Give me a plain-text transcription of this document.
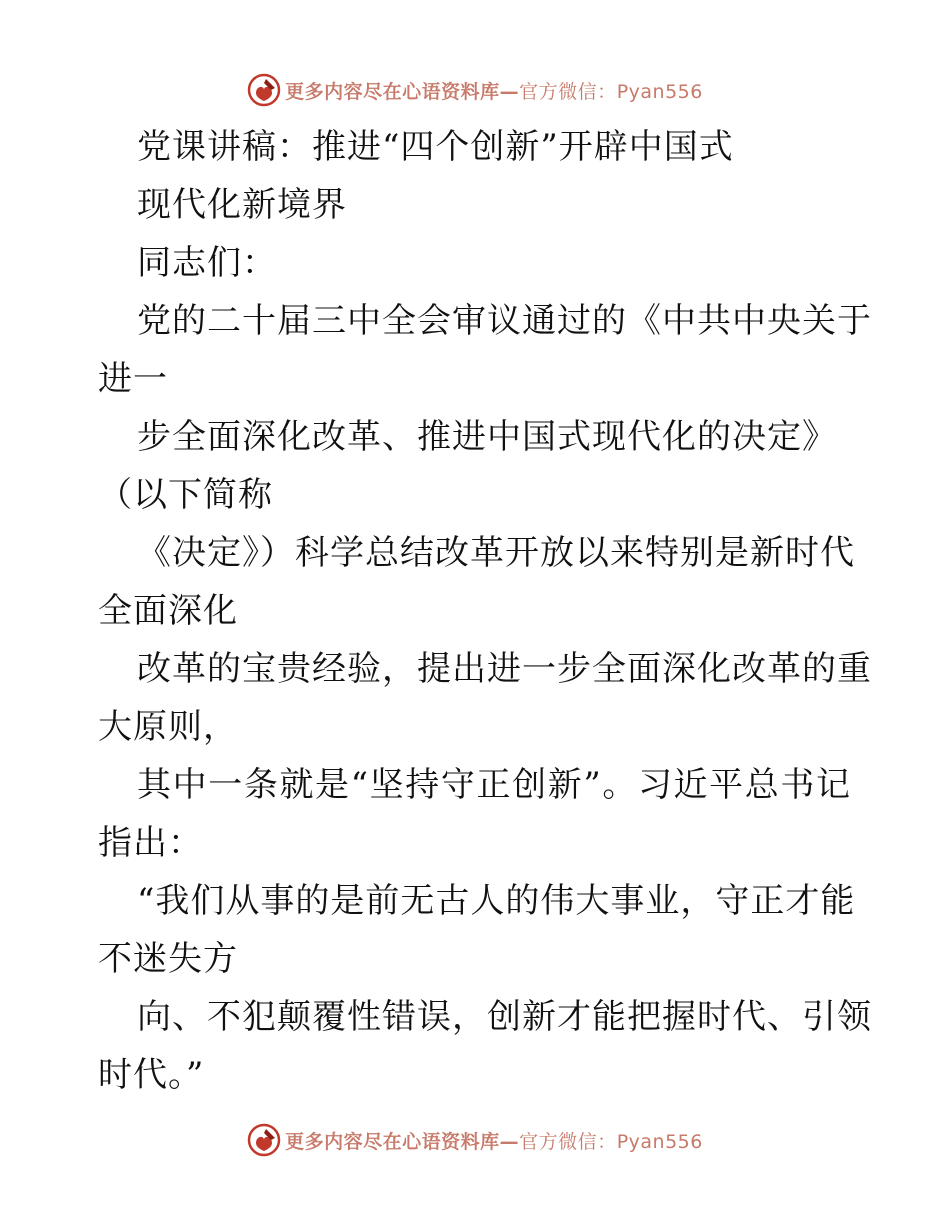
更多内容尽在心语资料库—官方微信：Pyan556
党课讲稿：推进“四个创新”开辟中国式
现代化新境界
同志们：
党的二十届三中全会审议通过的《中共中央关于
进一
步全面深化改革、推进中国式现代化的决定》
（以下简称
《决定》）科学总结改革开放以来特别是新时代
全面深化
改革的宝贵经验，提出进一步全面深化改革的重
大原则，
其中一条就是“坚持守正创新”。习近平总书记
指出：
“我们从事的是前无古人的伟大事业，守正才能
不迷失方
向、不犯颠覆性错误，创新才能把握时代、引领
时代。”
更多内容尽在心语资料库—官方微信：Pyan556
